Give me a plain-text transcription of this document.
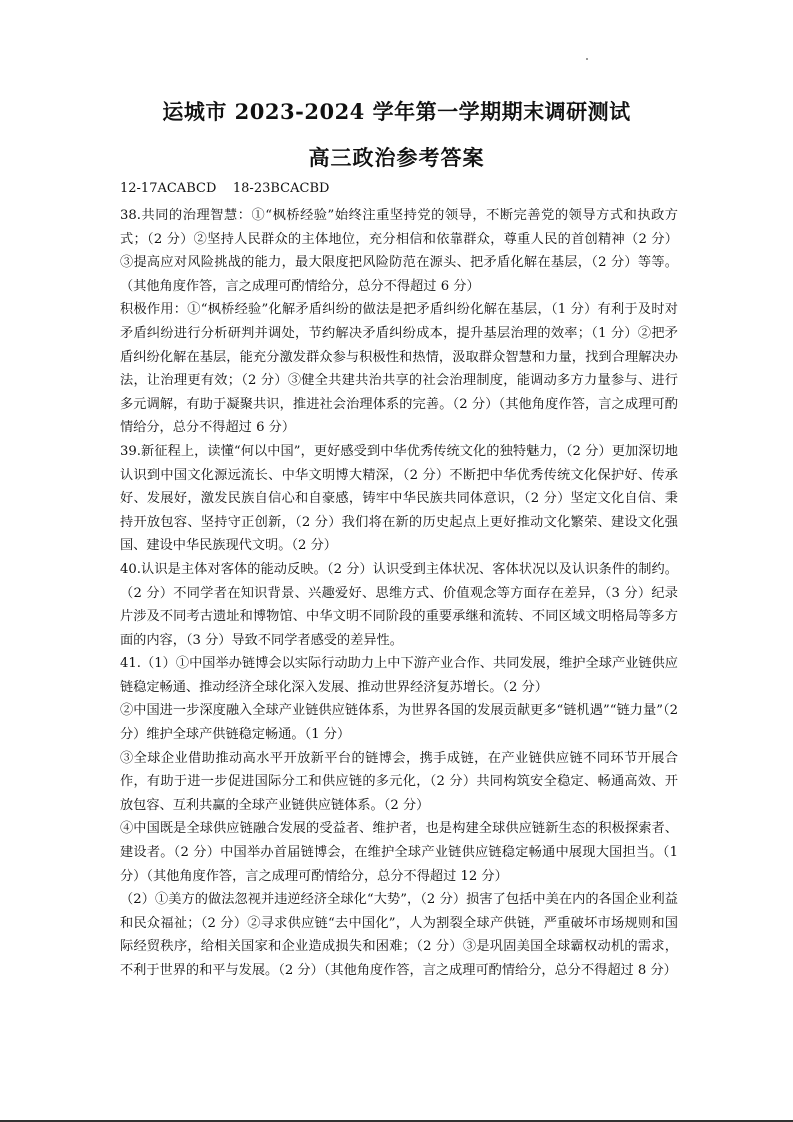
运城市 2023-2024 学年第一学期期末调研测试
高三政治参考答案
12-17ACABCD    18-23BCACBD

38.共同的治理智慧：①“枫桥经验”始终注重坚持党的领导，不断完善党的领导方式和执政方式；（2 分）②坚持人民群众的主体地位，充分相信和依靠群众，尊重人民的首创精神（2 分）③提高应对风险挑战的能力，最大限度把风险防范在源头、把矛盾化解在基层，（2 分）等等。（其他角度作答，言之成理可酌情给分，总分不得超过 6 分）

积极作用：①“枫桥经验”化解矛盾纠纷的做法是把矛盾纠纷化解在基层，（1 分）有利于及时对矛盾纠纷进行分析研判并调处，节约解决矛盾纠纷成本，提升基层治理的效率；（1 分）②把矛盾纠纷化解在基层，能充分激发群众参与积极性和热情，汲取群众智慧和力量，找到合理解决办法，让治理更有效；（2 分）③健全共建共治共享的社会治理制度，能调动多方力量参与、进行多元调解，有助于凝聚共识，推进社会治理体系的完善。（2 分）（其他角度作答，言之成理可酌情给分，总分不得超过 6 分）

39.新征程上，读懂“何以中国”，更好感受到中华优秀传统文化的独特魅力，（2 分）更加深切地认识到中国文化源远流长、中华文明博大精深，（2 分）不断把中华优秀传统文化保护好、传承好、发展好，激发民族自信心和自豪感，铸牢中华民族共同体意识，（2 分）坚定文化自信、秉持开放包容、坚持守正创新，（2 分）我们将在新的历史起点上更好推动文化繁荣、建设文化强国、建设中华民族现代文明。（2 分）

40.认识是主体对客体的能动反映。（2 分）认识受到主体状况、客体状况以及认识条件的制约。（2 分）不同学者在知识背景、兴趣爱好、思维方式、价值观念等方面存在差异，（3 分）纪录片涉及不同考古遗址和博物馆、中华文明不同阶段的重要承继和流转、不同区域文明格局等多方面的内容，（3 分）导致不同学者感受的差异性。

41.（1）①中国举办链博会以实际行动助力上中下游产业合作、共同发展，维护全球产业链供应链稳定畅通、推动经济全球化深入发展、推动世界经济复苏增长。（2 分）

②中国进一步深度融入全球产业链供应链体系，为世界各国的发展贡献更多“链机遇”“链力量”（2 分）维护全球产供链稳定畅通。（1 分）

③全球企业借助推动高水平开放新平台的链博会，携手成链，在产业链供应链不同环节开展合作，有助于进一步促进国际分工和供应链的多元化，（2 分）共同构筑安全稳定、畅通高效、开放包容、互利共赢的全球产业链供应链体系。（2 分）

④中国既是全球供应链融合发展的受益者、维护者，也是构建全球供应链新生态的积极探索者、建设者。（2 分）中国举办首届链博会，在维护全球产业链供应链稳定畅通中展现大国担当。（1 分）（其他角度作答，言之成理可酌情给分，总分不得超过 12 分）

（2）①美方的做法忽视并违逆经济全球化“大势”，（2 分）损害了包括中美在内的各国企业利益和民众福祉；（2 分）②寻求供应链“去中国化”，人为割裂全球产供链，严重破坏市场规则和国际经贸秩序，给相关国家和企业造成损失和困难；（2 分）③是巩固美国全球霸权动机的需求，不利于世界的和平与发展。（2 分）（其他角度作答，言之成理可酌情给分，总分不得超过 8 分）
